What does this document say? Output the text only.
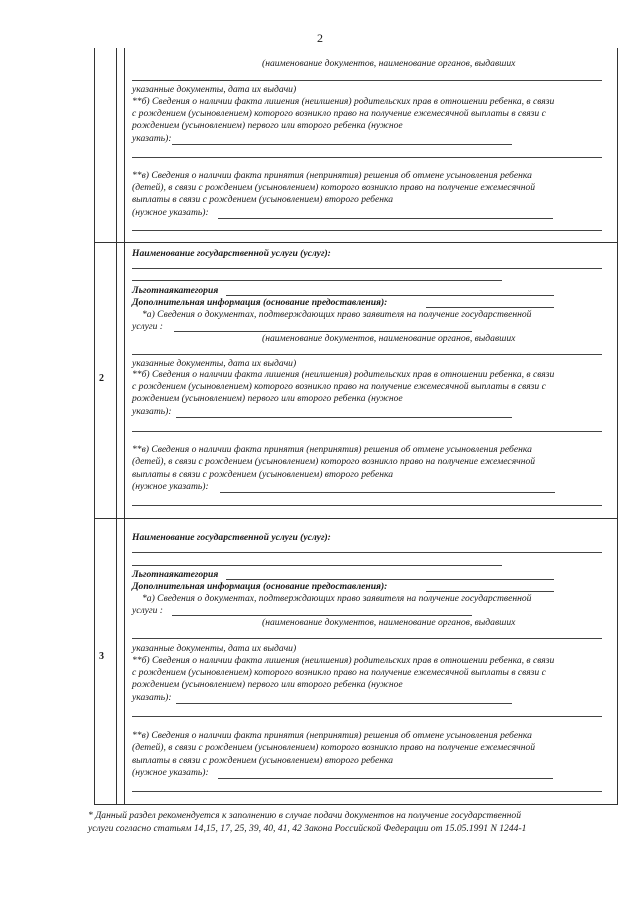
2
(наименование документов, наименование органов, выдавших
указанные документы, дата их выдачи)
**б) Сведения о наличии факта лишения (неилшения) родительских прав в отношении ребенка, в связи
с рождением (усыновлением) которого возникло право на получение ежемесячной выплаты в связи с
рождением (усыновлением) первого или второго ребенка (нужное
указать):
**в) Сведения о наличии факта принятия (непринятия) решения об отмене усыновления ребенка
(детей), в связи с рождением (усыновлением) которого возникло право на получение ежемесячной
выплаты в связи с рождением (усыновлением) второго ребенка
(нужное указать):
2
Наименование государственной услуги (услуг):
Льготнаякатегория
Дополнительная информация (основание предоставления):
*а) Сведения о документах, подтверждающих право заявителя на получение государственной
услуги :
(наименование документов, наименование органов, выдавших
указанные документы, дата их выдачи)
**б) Сведения о наличии факта лишения (неилшения) родительских прав в отношении ребенка, в связи
с рождением (усыновлением) которого возникло право на получение ежемесячной выплаты в связи с
рождением (усыновлением) первого или второго ребенка (нужное
указать):
**в) Сведения о наличии факта принятия (непринятия) решения об отмене усыновления ребенка
(детей), в связи с рождением (усыновлением) которого возникло право на получение ежемесячной
выплаты в связи с рождением (усыновлением) второго ребенка
(нужное указать):
3
Наименование государственной услуги (услуг):
Льготнаякатегория
Дополнительная информация (основание предоставления):
*а) Сведения о документах, подтверждающих право заявителя на получение государственной
услуги :
(наименование документов, наименование органов, выдавших
указанные документы, дата их выдачи)
**б) Сведения о наличии факта лишения (неилшения) родительских прав в отношении ребенка, в связи
с рождением (усыновлением) которого возникло право на получение ежемесячной выплаты в связи с
рождением (усыновлением) первого или второго ребенка (нужное
указать):
**в) Сведения о наличии факта принятия (непринятия) решения об отмене усыновления ребенка
(детей), в связи с рождением (усыновлением) которого возникло право на получение ежемесячной
выплаты в связи с рождением (усыновлением) второго ребенка
(нужное указать):
* Данный раздел рекомендуется к заполнению в случае подачи документов на получение государственной
услуги согласно статьям 14,15, 17, 25, 39, 40, 41, 42 Закона Российской Федерации от 15.05.1991 N 1244-1
